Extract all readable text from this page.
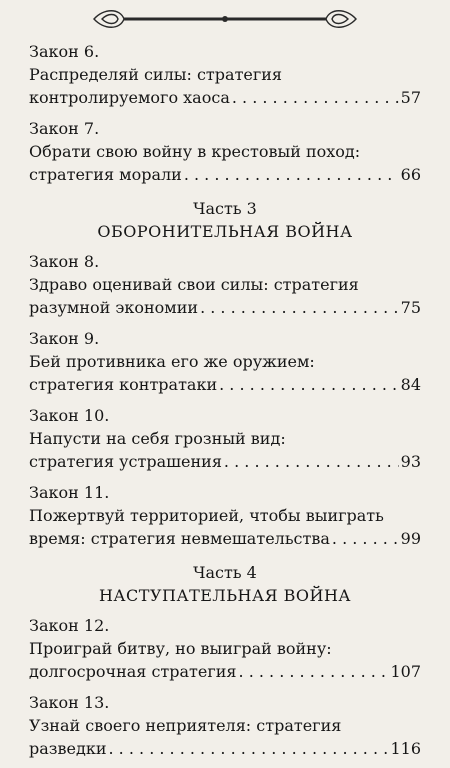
Закон 6.
Распределяй силы: стратегия
контролируемого хаоса . . .	57
Закон 7.
Обрати свою войну в крестовый поход:
стратегия морали . . .	66
Часть 3
ОБОРОНИТЕЛЬНАЯ ВОЙНА
Закон 8.
Здраво оценивай свои силы: стратегия
разумной экономии . . .	75
Закон 9.
Бей противника его же оружием:
стратегия контратаки . . .	84
Закон 10.
Напусти на себя грозный вид:
стратегия устрашения . . .	93
Закон 11.
Пожертвуй территорией, чтобы выиграть
время: стратегия невмешательства . . .	99
Часть 4
НАСТУПАТЕЛЬНАЯ ВОЙНА
Закон 12.
Проиграй битву, но выиграй войну:
долгосрочная стратегия . . .	107
Закон 13.
Узнай своего неприятеля: стратегия
разведки . . .	116
